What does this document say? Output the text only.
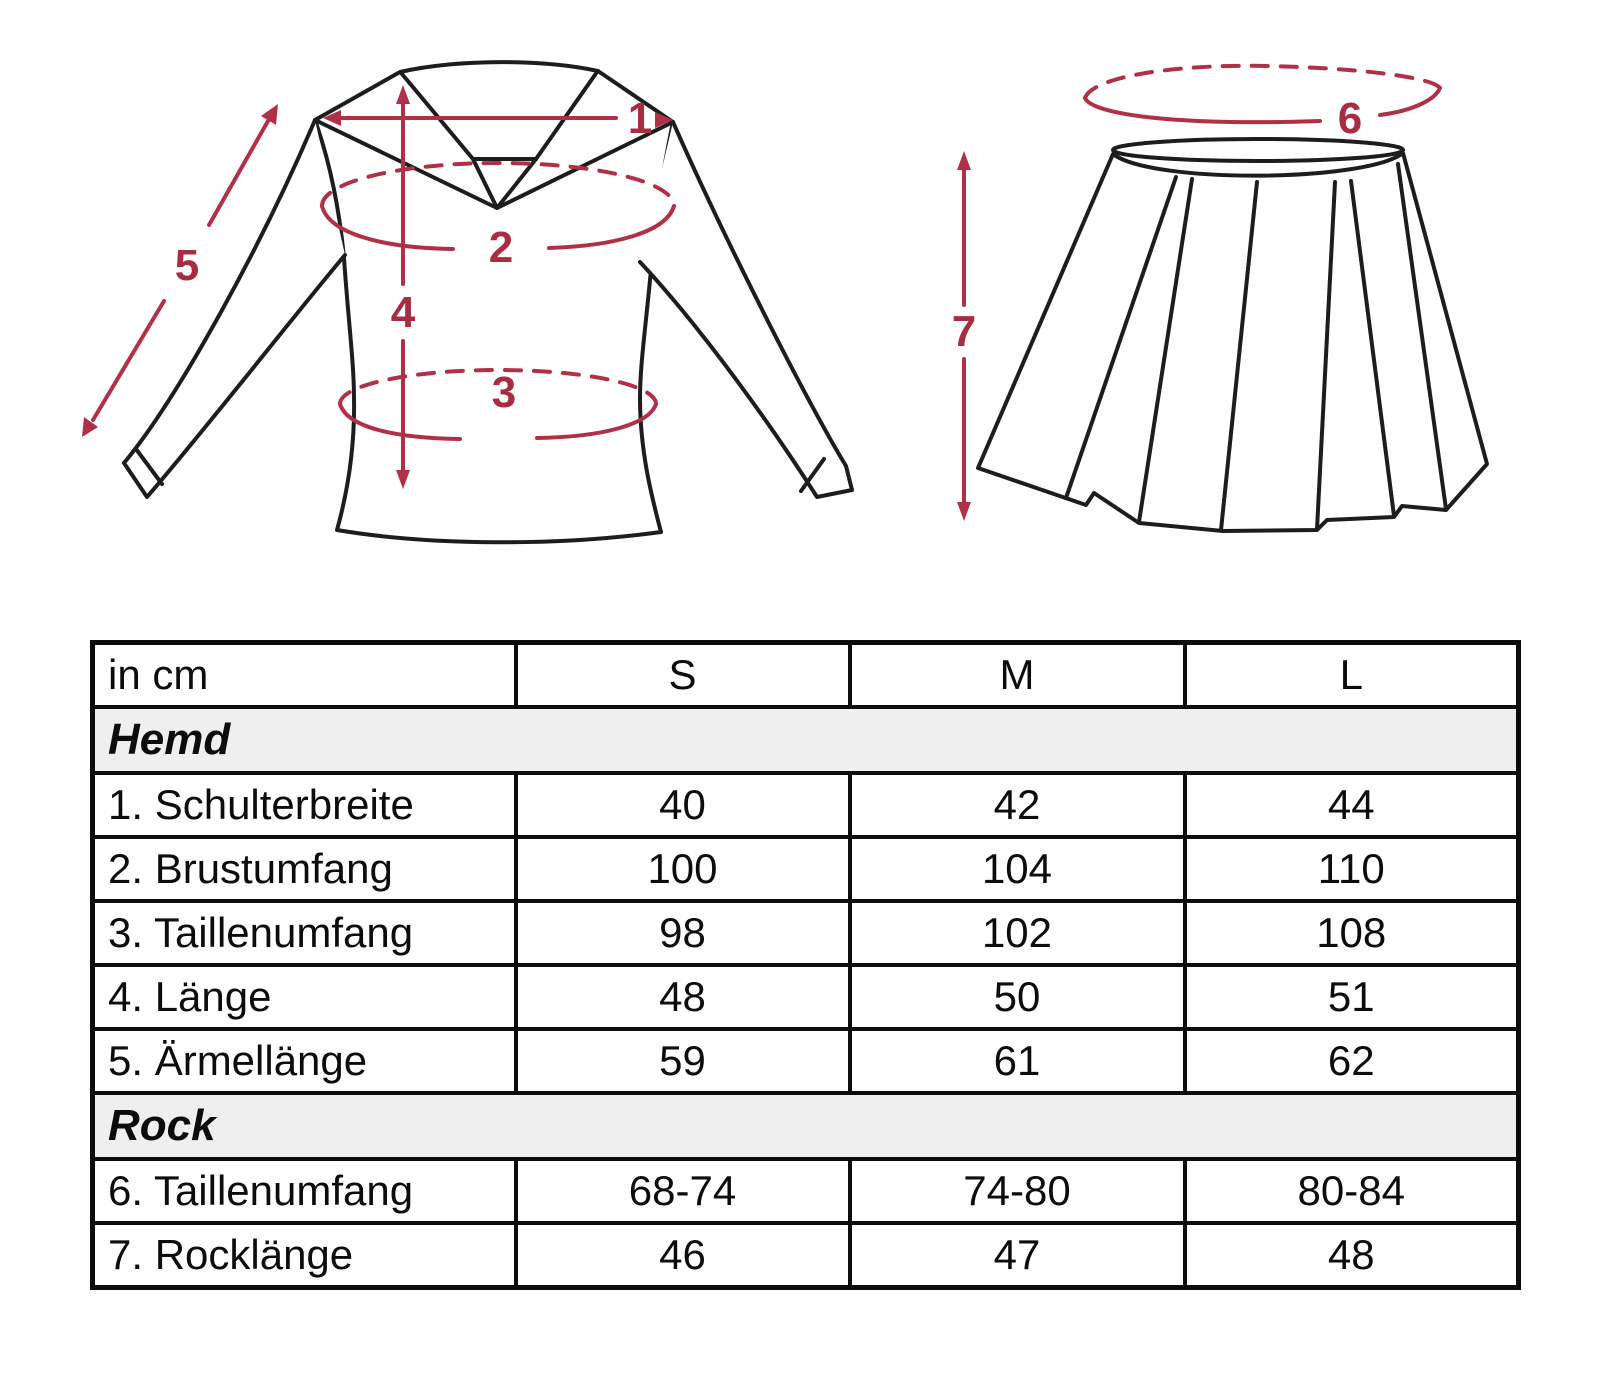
1
4
2
3
5
6
7
in cm	S	M	L
Hemd			
1. Schulterbreite	40	42	44
2. Brustumfang	100	104	110
3. Taillenumfang	98	102	108
4. Länge	48	50	51
5. Ärmellänge	59	61	62
Rock			
6. Taillenumfang	68-74	74-80	80-84
7. Rocklänge	46	47	48
